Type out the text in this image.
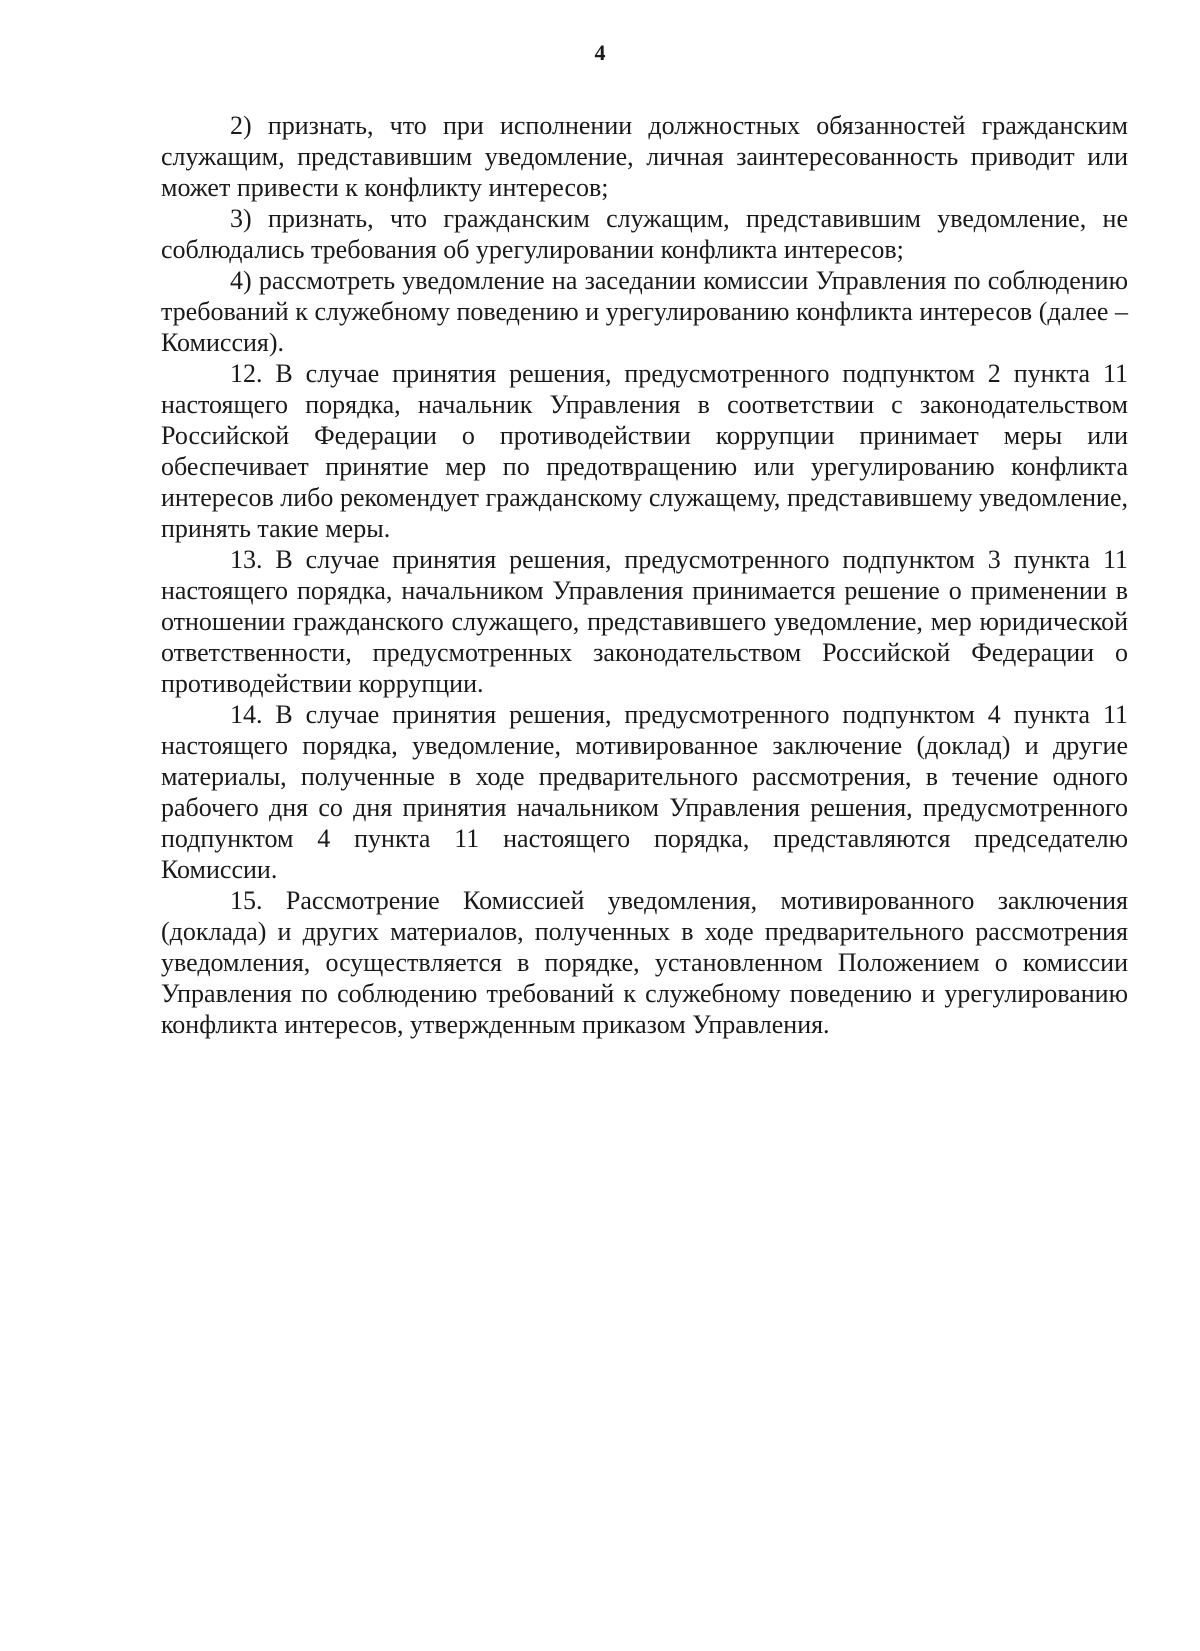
4

2) признать, что при исполнении должностных обязанностей гражданским служащим, представившим уведомление, личная заинтересованность приводит или может привести к конфликту интересов;

3) признать, что гражданским служащим, представившим уведомление, не соблюдались требования об урегулировании конфликта интересов;

4) рассмотреть уведомление на заседании комиссии Управления по соблюдению требований к служебному поведению и урегулированию конфликта интересов (далее – Комиссия).

12. В случае принятия решения, предусмотренного подпунктом 2 пункта 11 настоящего порядка, начальник Управления в соответствии с законодательством Российской Федерации о противодействии коррупции принимает меры или обеспечивает принятие мер по предотвращению или урегулированию конфликта интересов либо рекомендует гражданскому служащему, представившему уведомление, принять такие меры.

13. В случае принятия решения, предусмотренного подпунктом 3 пункта 11 настоящего порядка, начальником Управления принимается решение о применении в отношении гражданского служащего, представившего уведомление, мер юридической ответственности, предусмотренных законодательством Российской Федерации о противодействии коррупции.

14. В случае принятия решения, предусмотренного подпунктом 4 пункта 11 настоящего порядка, уведомление, мотивированное заключение (доклад) и другие материалы, полученные в ходе предварительного рассмотрения, в течение одного рабочего дня со дня принятия начальником Управления решения, предусмотренного подпунктом 4 пункта 11 настоящего порядка, представляются председателю Комиссии.

15. Рассмотрение Комиссией уведомления, мотивированного заключения (доклада) и других материалов, полученных в ходе предварительного рассмотрения уведомления, осуществляется в порядке, установленном Положением о комиссии Управления по соблюдению требований к служебному поведению и урегулированию конфликта интересов, утвержденным приказом Управления.
